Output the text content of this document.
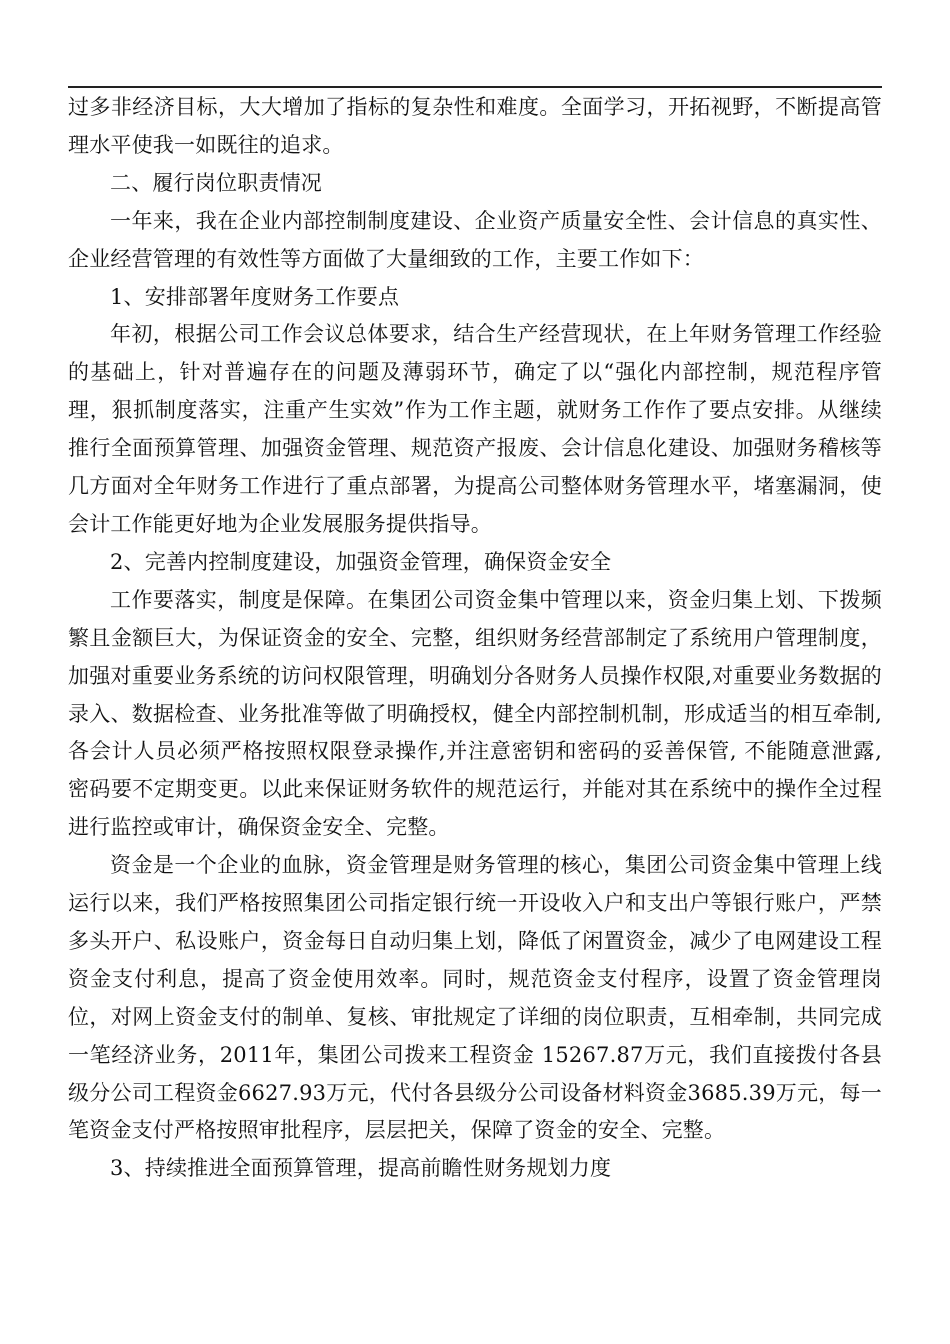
过多非经济目标，大大增加了指标的复杂性和难度。全面学习，开拓视野，不断提高管理水平使我一如既往的追求。

二、履行岗位职责情况

一年来，我在企业内部控制制度建设、企业资产质量安全性、会计信息的真实性、企业经营管理的有效性等方面做了大量细致的工作，主要工作如下：

1、安排部署年度财务工作要点

年初，根据公司工作会议总体要求，结合生产经营现状，在上年财务管理工作经验的基础上，针对普遍存在的问题及薄弱环节，确定了以“强化内部控制，规范程序管理，狠抓制度落实，注重产生实效”作为工作主题，就财务工作作了要点安排。从继续推行全面预算管理、加强资金管理、规范资产报废、会计信息化建设、加强财务稽核等几方面对全年财务工作进行了重点部署，为提高公司整体财务管理水平，堵塞漏洞，使会计工作能更好地为企业发展服务提供指导。

2、完善内控制度建设，加强资金管理，确保资金安全

工作要落实，制度是保障。在集团公司资金集中管理以来，资金归集上划、下拨频繁且金额巨大，为保证资金的安全、完整，组织财务经营部制定了系统用户管理制度，加强对重要业务系统的访问权限管理，明确划分各财务人员操作权限,对重要业务数据的录入、数据检查、业务批准等做了明确授权，健全内部控制机制，形成适当的相互牵制,各会计人员必须严格按照权限登录操作,并注意密钥和密码的妥善保管, 不能随意泄露, 密码要不定期变更。以此来保证财务软件的规范运行，并能对其在系统中的操作全过程进行监控或审计，确保资金安全、完整。

资金是一个企业的血脉，资金管理是财务管理的核心，集团公司资金集中管理上线运行以来，我们严格按照集团公司指定银行统一开设收入户和支出户等银行账户，严禁多头开户、私设账户，资金每日自动归集上划，降低了闲置资金，减少了电网建设工程资金支付利息，提高了资金使用效率。同时，规范资金支付程序，设置了资金管理岗位，对网上资金支付的制单、复核、审批规定了详细的岗位职责，互相牵制，共同完成一笔经济业务，2011年，集团公司拨来工程资金 15267.87万元，我们直接拨付各县级分公司工程资金6627.93万元，代付各县级分公司设备材料资金3685.39万元，每一笔资金支付严格按照审批程序，层层把关，保障了资金的安全、完整。

3、持续推进全面预算管理，提高前瞻性财务规划力度
